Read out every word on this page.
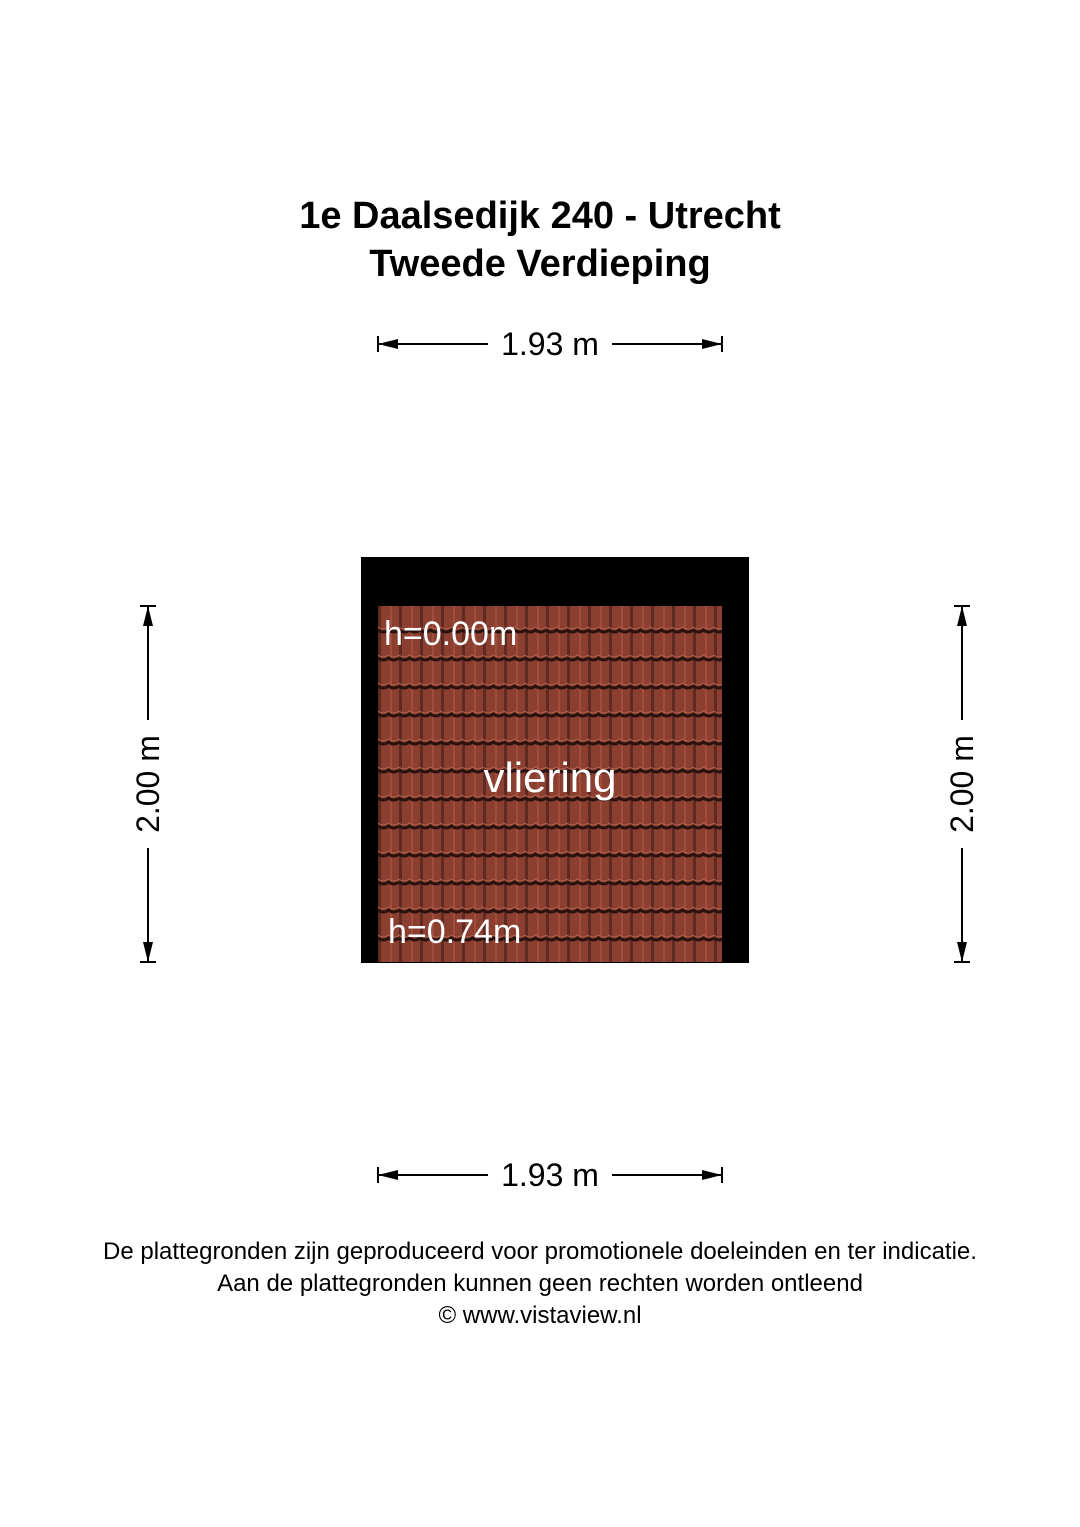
1e Daalsedijk 240 - Utrecht
Tweede Verdieping
1.93 m
1.93 m
2.00 m	2.00 m
h=0.00m
vliering
h=0.74m
De plattegronden zijn geproduceerd voor promotionele doeleinden en ter indicatie.
Aan de plattegronden kunnen geen rechten worden ontleend
© www.vistaview.nl
